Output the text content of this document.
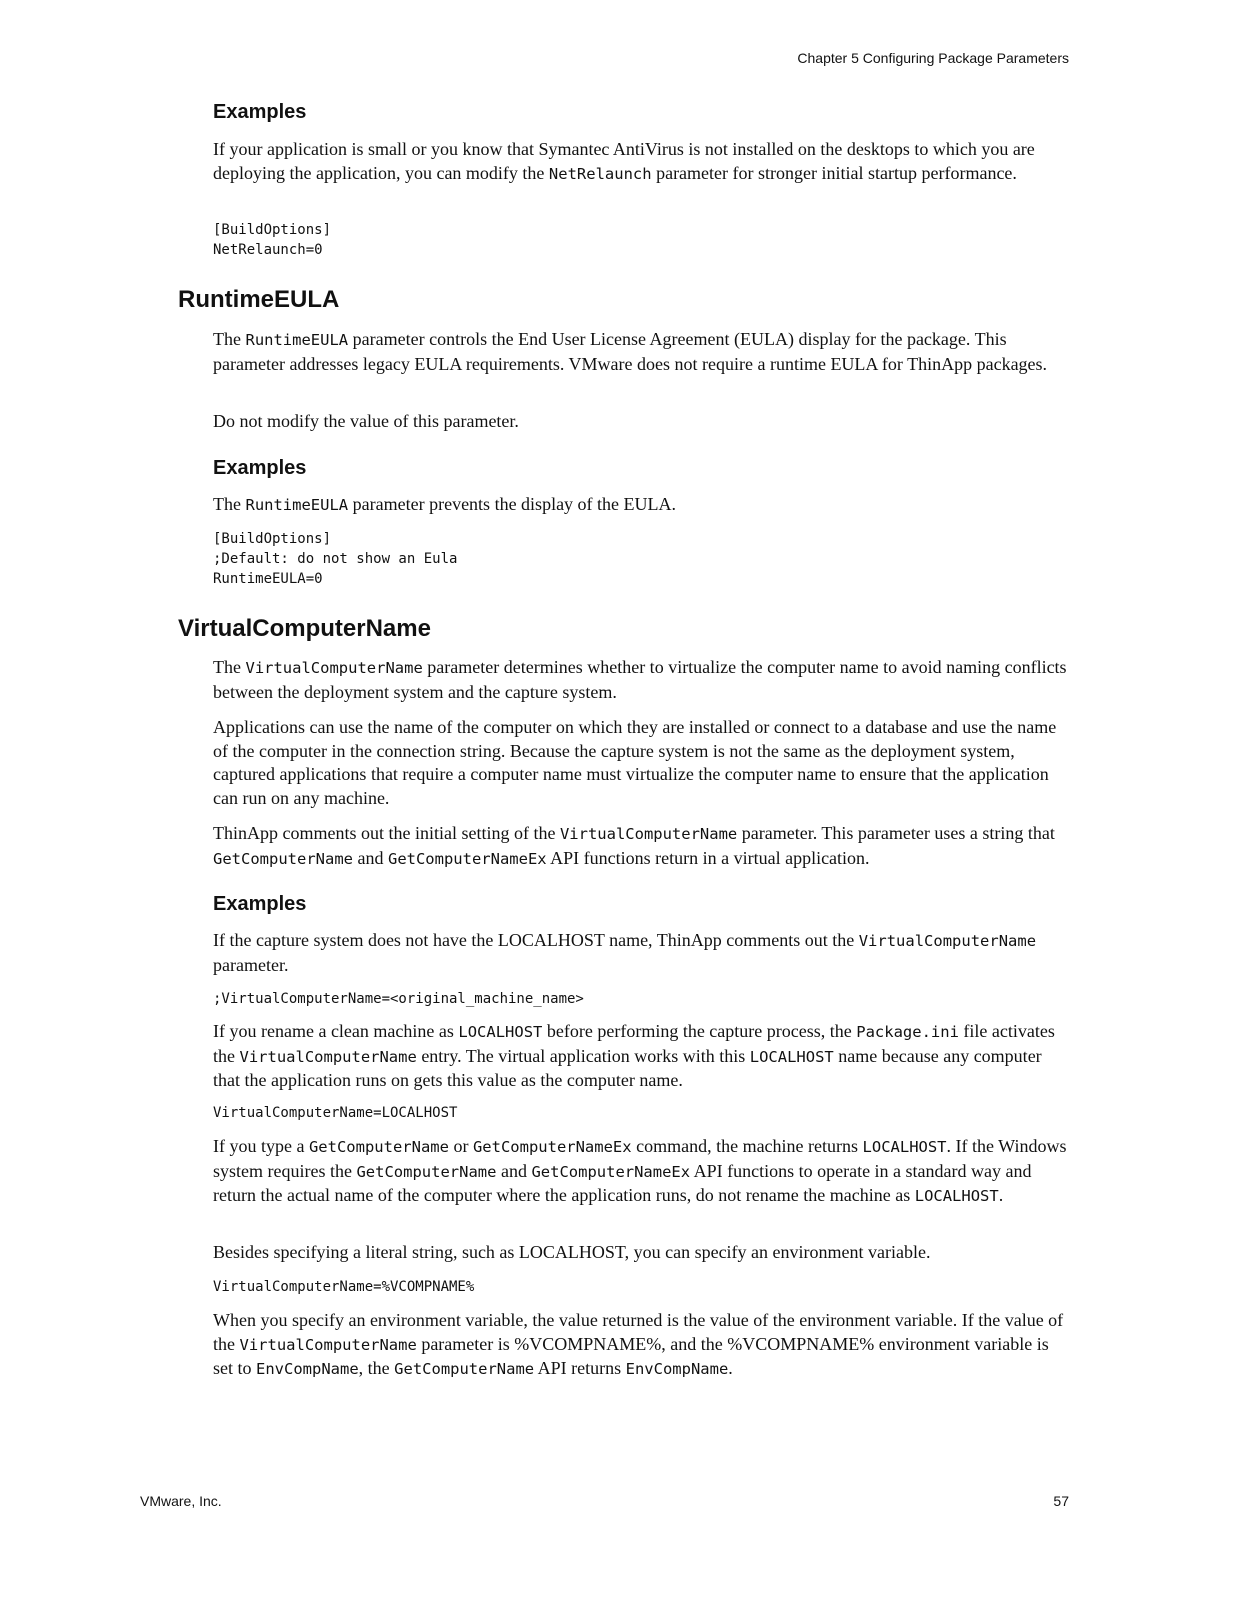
Chapter 5 Configuring Package Parameters
Examples

If your application is small or you know that Symantec AntiVirus is not installed on the desktops to which you are deploying the application, you can modify the NetRelaunch parameter for stronger initial startup performance.

[BuildOptions]
NetRelaunch=0
RuntimeEULA

The RuntimeEULA parameter controls the End User License Agreement (EULA) display for the package. This parameter addresses legacy EULA requirements. VMware does not require a runtime EULA for ThinApp packages.

Do not modify the value of this parameter.

Examples

The RuntimeEULA parameter prevents the display of the EULA.

[BuildOptions]
;Default: do not show an Eula
RuntimeEULA=0
VirtualComputerName

The VirtualComputerName parameter determines whether to virtualize the computer name to avoid naming conflicts between the deployment system and the capture system.

Applications can use the name of the computer on which they are installed or connect to a database and use the name of the computer in the connection string. Because the capture system is not the same as the deployment system, captured applications that require a computer name must virtualize the computer name to ensure that the application can run on any machine.

ThinApp comments out the initial setting of the VirtualComputerName parameter. This parameter uses a string that GetComputerName and GetComputerNameEx API functions return in a virtual application.

Examples

If the capture system does not have the LOCALHOST name, ThinApp comments out the VirtualComputerName parameter.

;VirtualComputerName=<original_machine_name>

If you rename a clean machine as LOCALHOST before performing the capture process, the Package.ini file activates the VirtualComputerName entry. The virtual application works with this LOCALHOST name because any computer that the application runs on gets this value as the computer name.

VirtualComputerName=LOCALHOST

If you type a GetComputerName or GetComputerNameEx command, the machine returns LOCALHOST. If the Windows system requires the GetComputerName and GetComputerNameEx API functions to operate in a standard way and return the actual name of the computer where the application runs, do not rename the machine as LOCALHOST.

Besides specifying a literal string, such as LOCALHOST, you can specify an environment variable.

VirtualComputerName=%VCOMPNAME%

When you specify an environment variable, the value returned is the value of the environment variable. If the value of the VirtualComputerName parameter is %VCOMPNAME%, and the %VCOMPNAME% environment variable is set to EnvCompName, the GetComputerName API returns EnvCompName.

VMware, Inc.	57
